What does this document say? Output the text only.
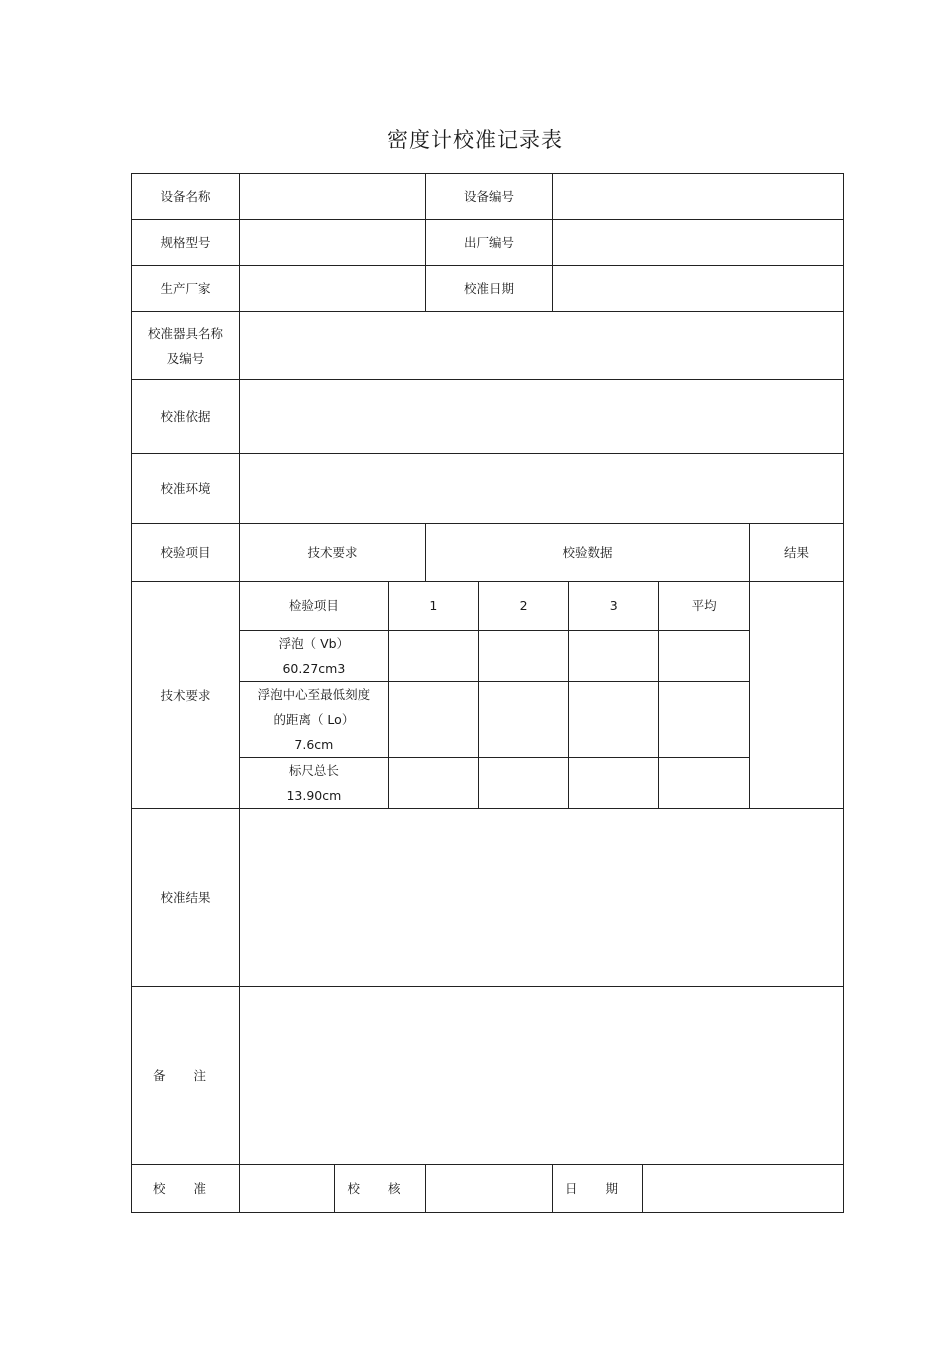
密度计校准记录表
设备名称		设备编号	
规格型号		出厂编号	
生产厂家		校准日期	

校准器具名称
及编号

校准依据	
校准环境	
校验项目	技术要求	校验数据	结果
技术要求	
检验项目	1	2	3	平均

浮泡（ Vb）
60.27cm3

浮泡中心至最低刻度
的距离（ Lo）
7.6cm

标尺总长
13.90cm

校准结果	
备 注	
校 准		校 核		日 期	
